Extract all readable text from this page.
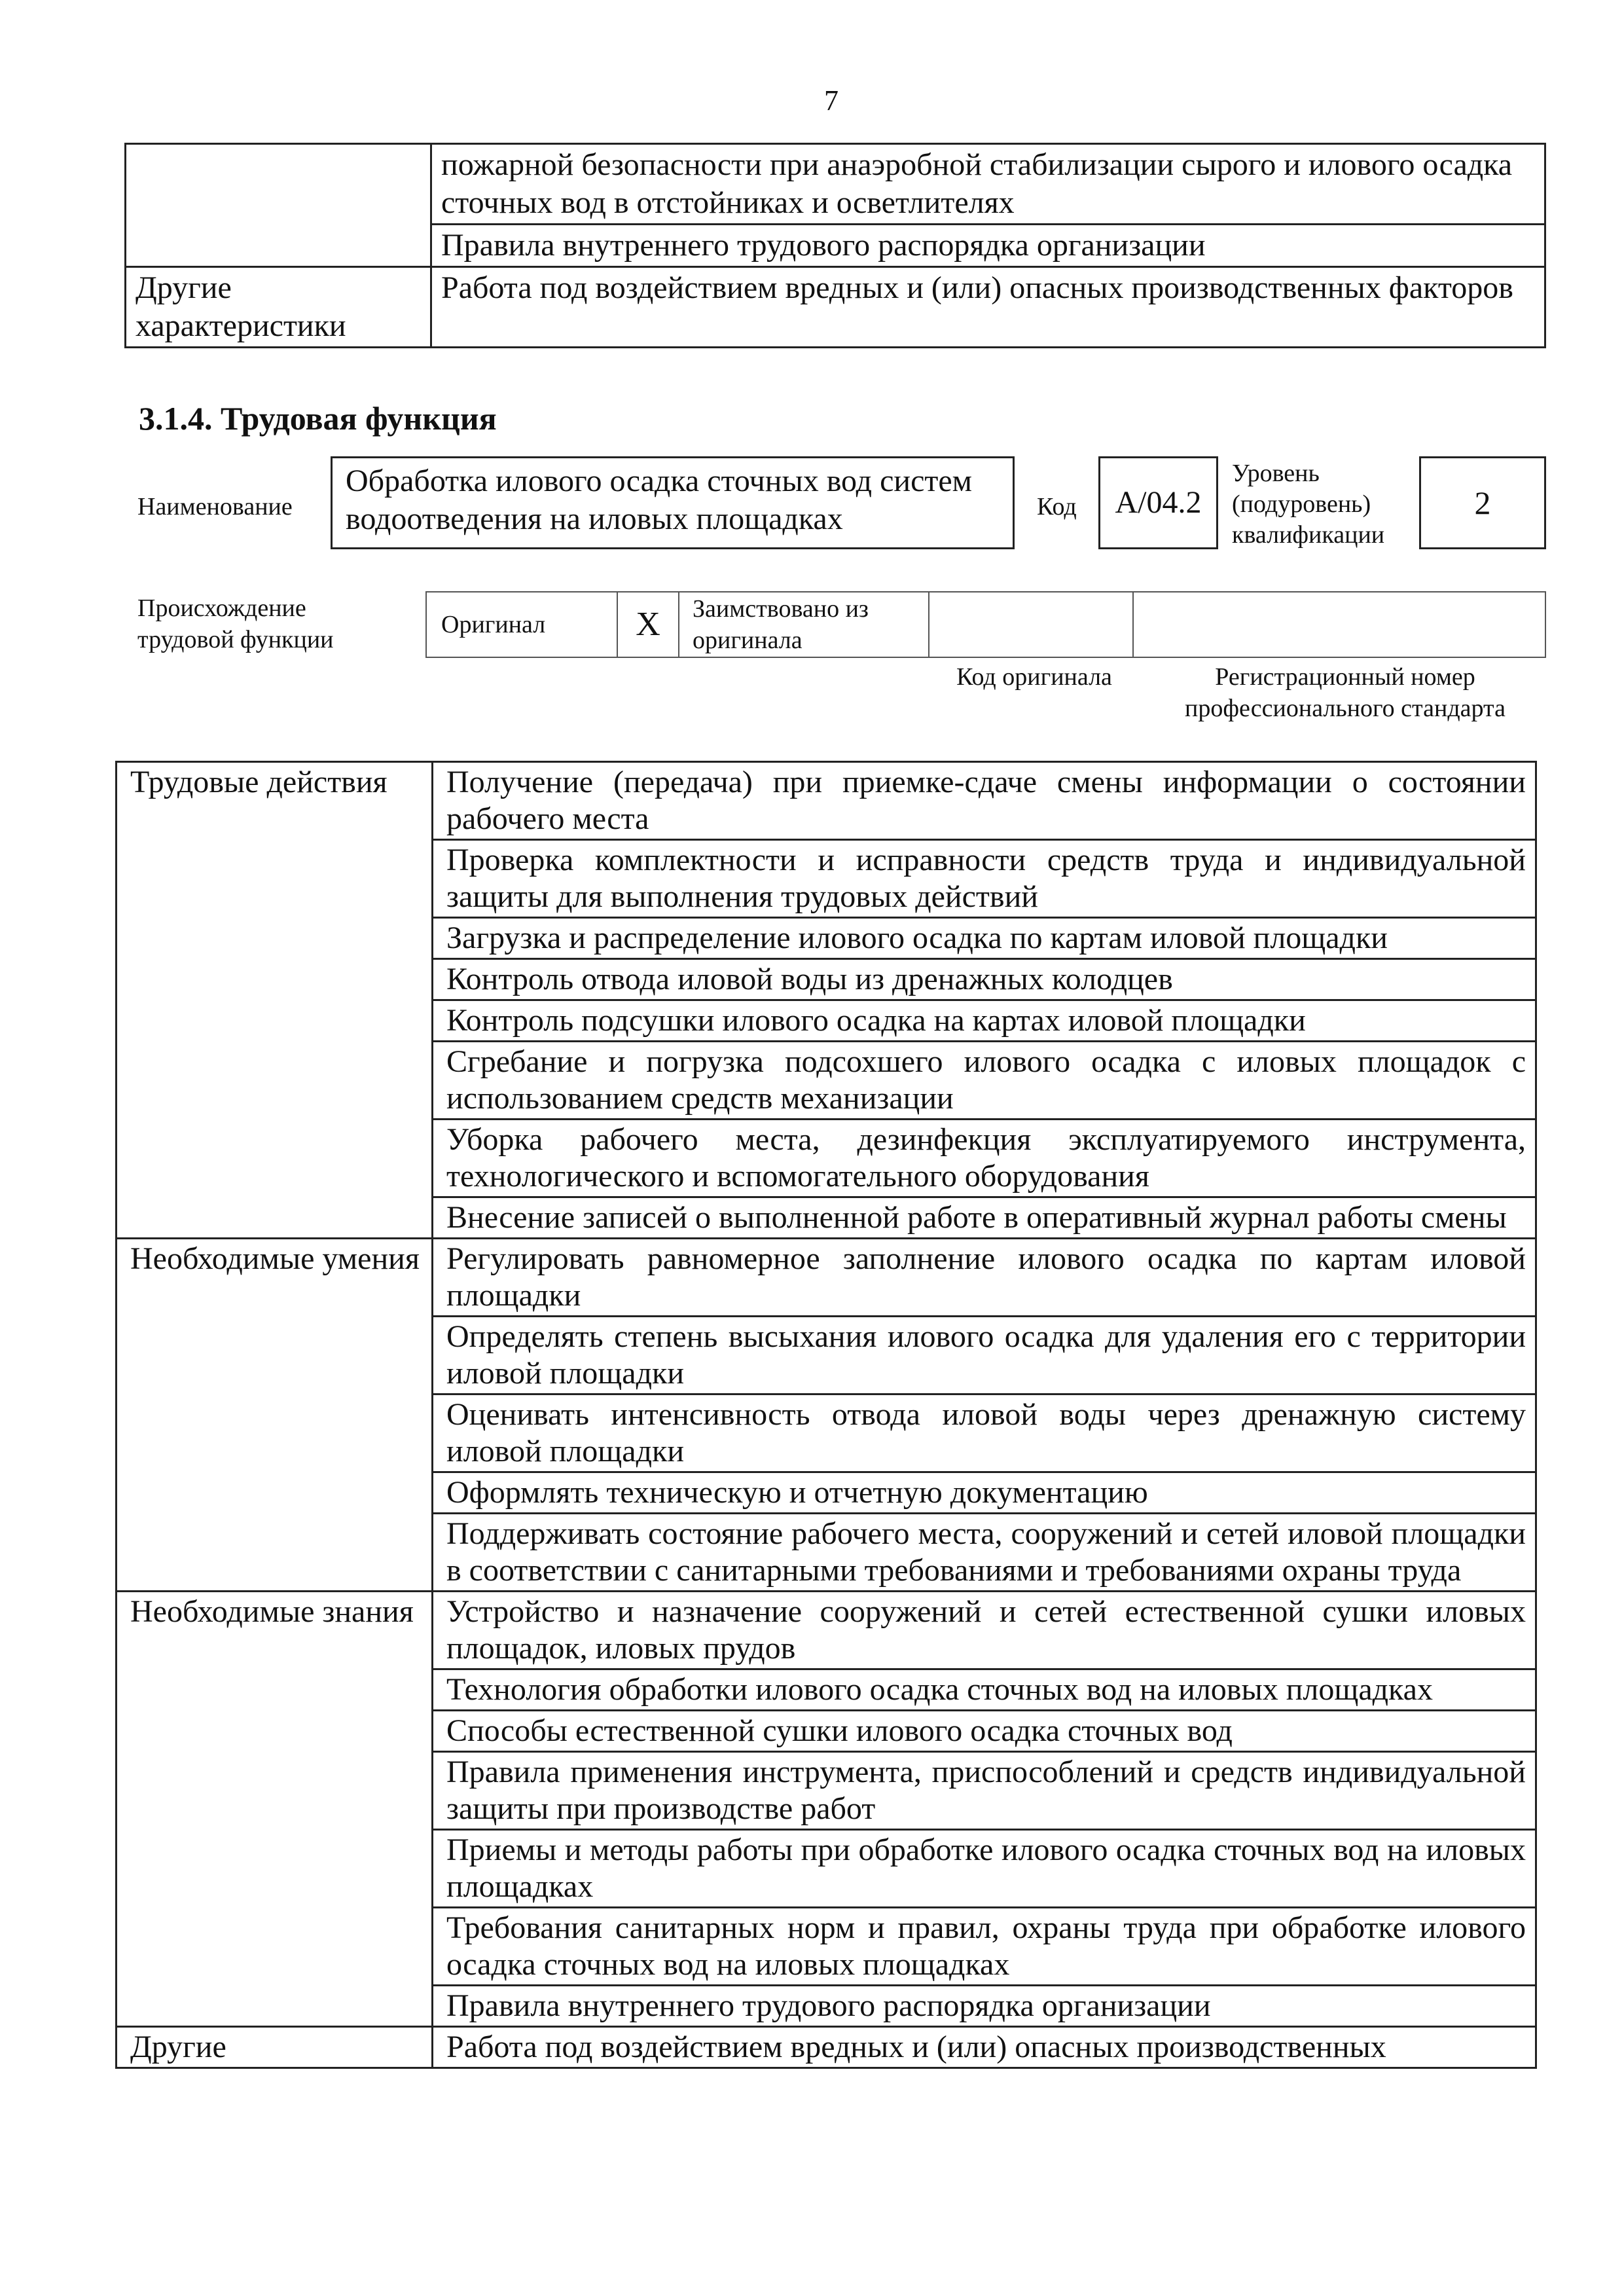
7
	пожарной безопасности при анаэробной стабилизации сырого и илового осадка сточных вод в отстойниках и осветлителях
	Правила внутреннего трудового распорядка организации
Другие характеристики	Работа под воздействием вредных и (или) опасных производственных факторов
3.1.4. Трудовая функция
Наименование
Обработка илового осадка сточных вод систем водоотведения на иловых площадках	Код	A/04.2
Уровень (подуровень) квалификации
2
Происхождение трудовой функции
Оригинал	X	Заимствовано из оригинала		
Код оригинала	Регистрационный номер профессионального стандарта
Трудовые действия	Получение (передача) при приемке-сдаче смены информации о состоянии рабочего места
	Проверка комплектности и исправности средств труда и индивидуальной защиты для выполнения трудовых действий
	Загрузка и распределение илового осадка по картам иловой площадки
	Контроль отвода иловой воды из дренажных колодцев
	Контроль подсушки илового осадка на картах иловой площадки
	Сгребание и погрузка подсохшего илового осадка с иловых площадок с использованием средств механизации
	Уборка рабочего места, дезинфекция эксплуатируемого инструмента, технологического и вспомогательного оборудования
	Внесение записей о выполненной работе в оперативный журнал работы смены
Необходимые умения	Регулировать равномерное заполнение илового осадка по картам иловой площадки
	Определять степень высыхания илового осадка для удаления его с территории иловой площадки
	Оценивать интенсивность отвода иловой воды через дренажную систему иловой площадки
	Оформлять техническую и отчетную документацию
	Поддерживать состояние рабочего места, сооружений и сетей иловой площадки в соответствии с санитарными требованиями и требованиями охраны труда
Необходимые знания	Устройство и назначение сооружений и сетей естественной сушки иловых площадок, иловых прудов
	Технология обработки илового осадка сточных вод на иловых площадках
	Способы естественной сушки илового осадка сточных вод
	Правила применения инструмента, приспособлений и средств индивидуальной защиты при производстве работ
	Приемы и методы работы при обработке илового осадка сточных вод на иловых площадках
	Требования санитарных норм и правил, охраны труда при обработке илового осадка сточных вод на иловых площадках
	Правила внутреннего трудового распорядка организации
Другие	Работа под воздействием вредных и (или) опасных производственных
